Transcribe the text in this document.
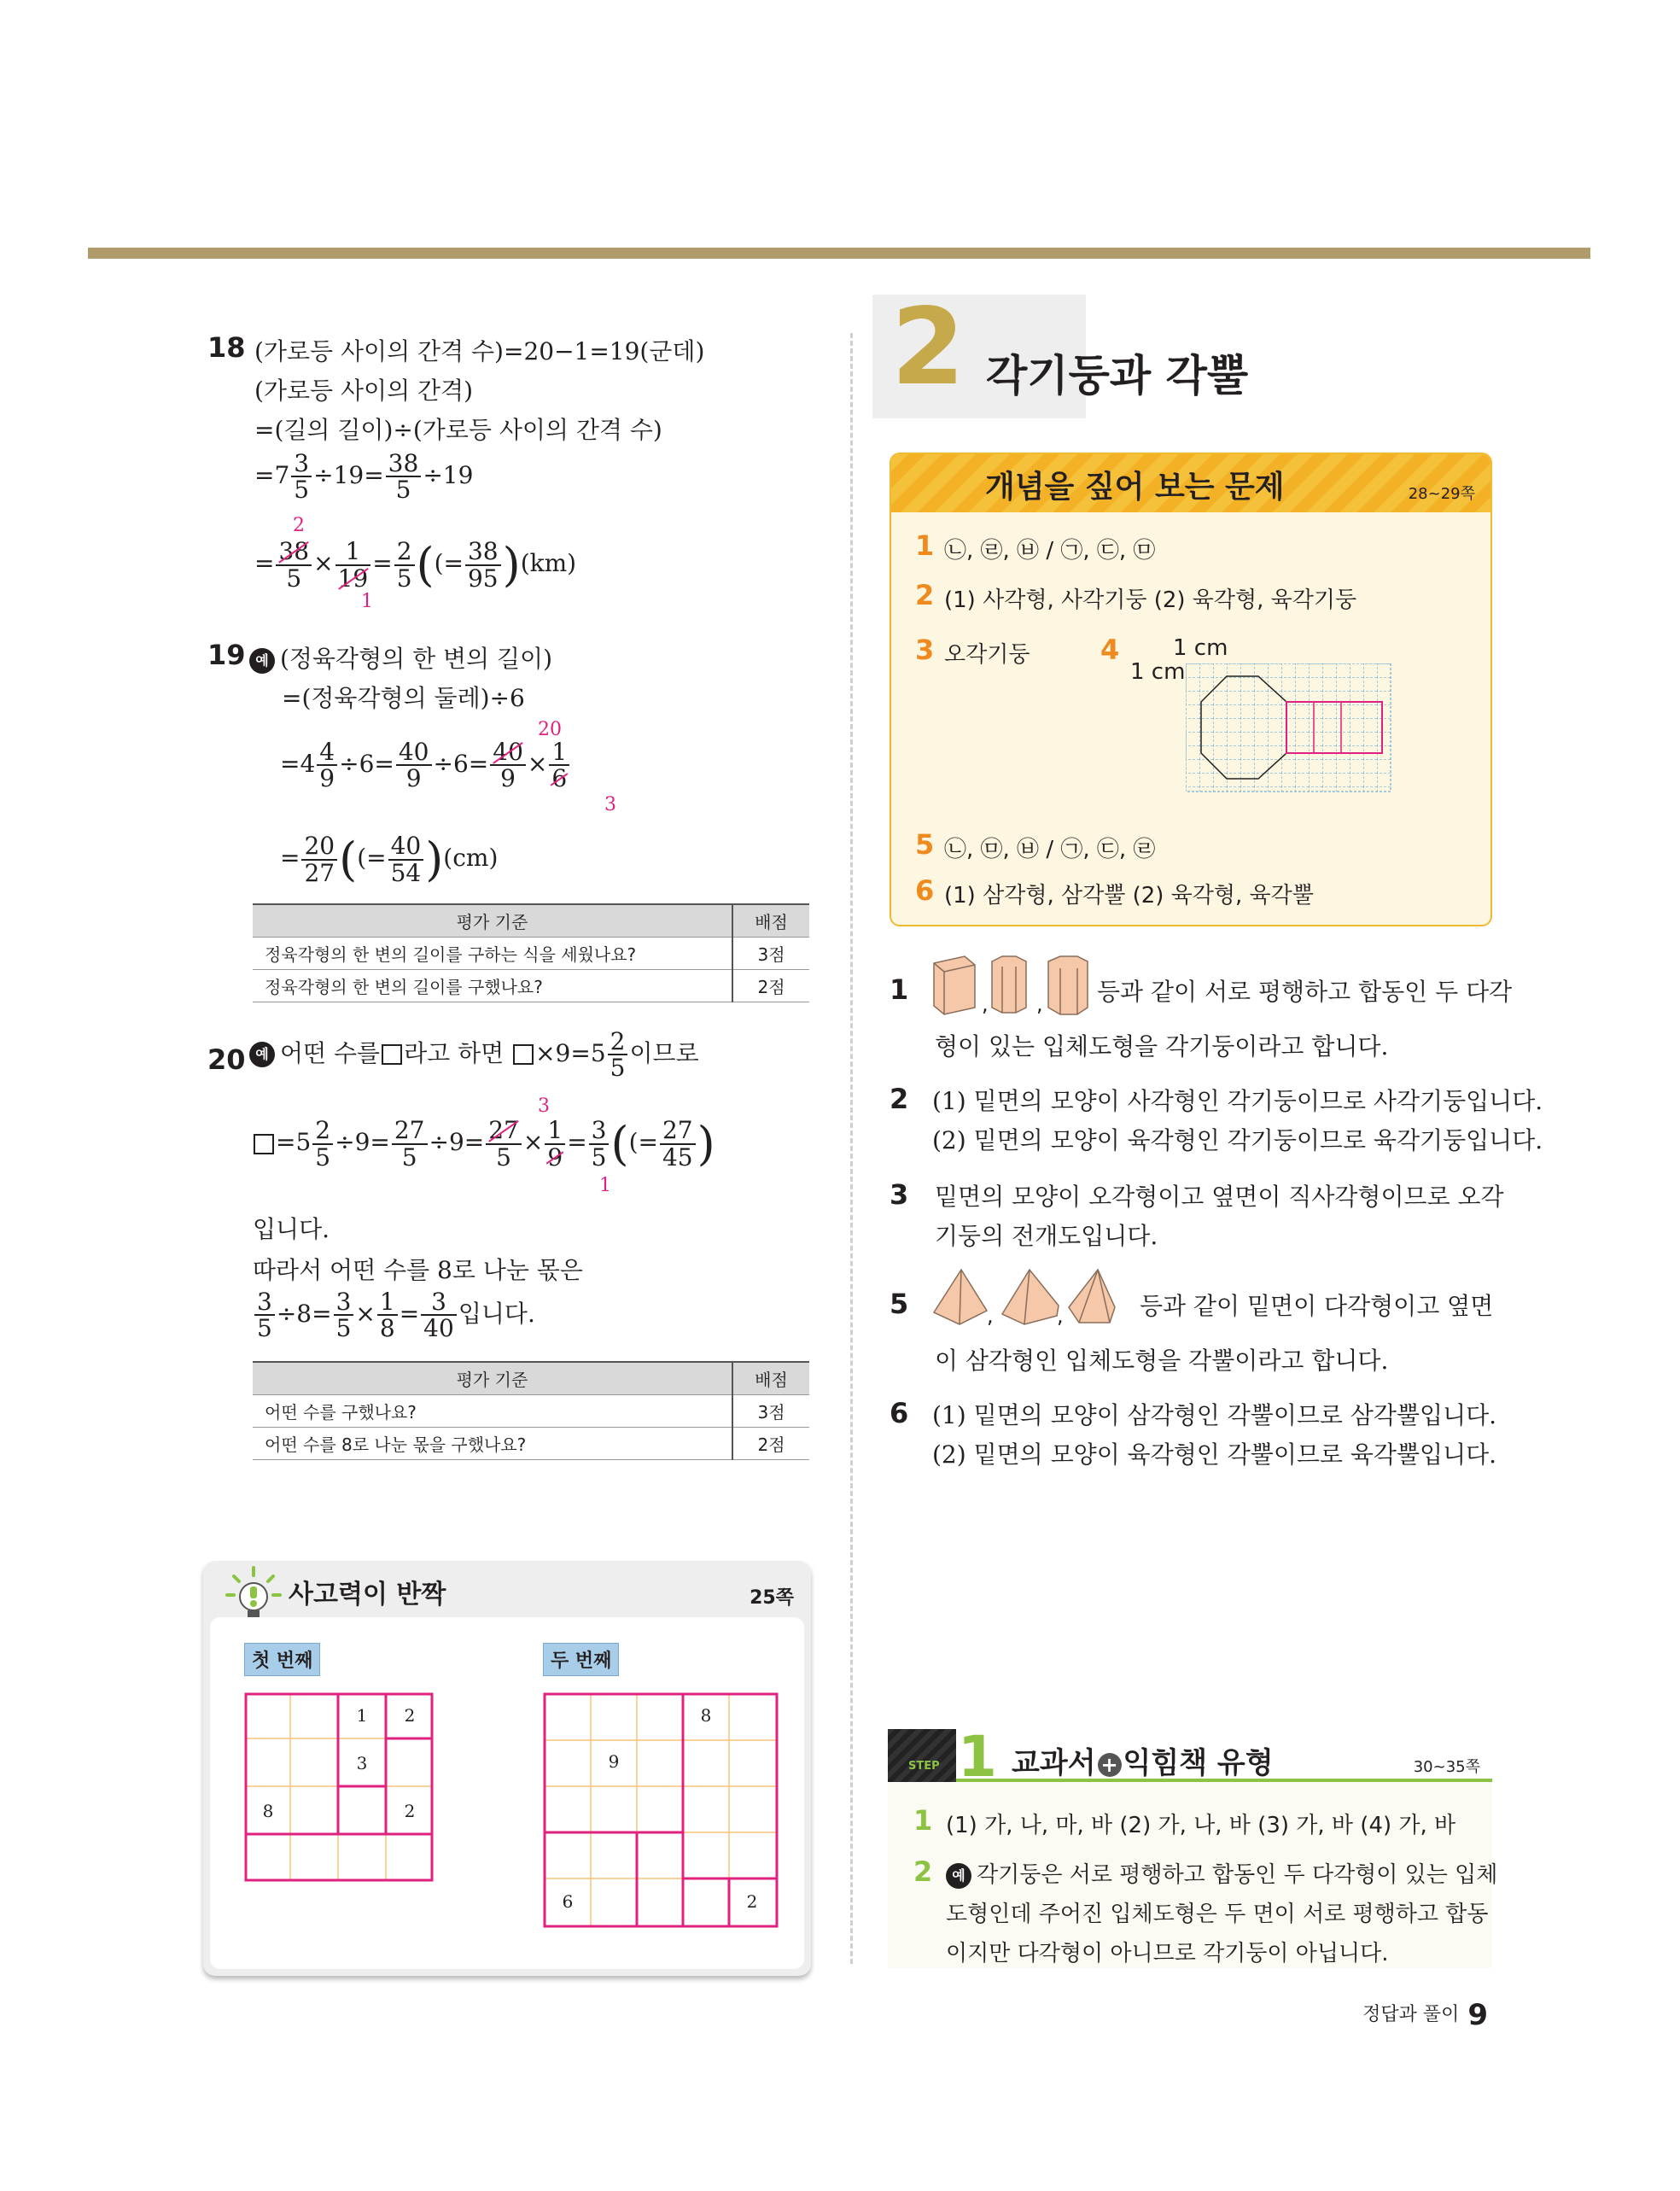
18 (가로등 사이의 간격 수)=20−1=19(군데)
(가로등 사이의 간격)
=(길의 길이)÷(가로등 사이의 간격 수)
$=7 \frac{3}{5} \div 19= \frac{38}{5} \div 19$
2
= $\frac{38}{5} \times \frac{1}{19} = \frac{2}{5}$ ((= $\frac{38}{95} )(km)$
1
19 예 (정육각형의 한 변의 길이)
=(정육각형의 둘레)÷6
20
$=4 \frac{4}{9} \div 6= \frac{40}{9} \div 6= \frac{40}{9} \times \frac{1}{6}$
3
= $\frac{20}{27}$ ((= $\frac{40}{54} )(cm)$
평가 기준	배점
정육각형의 한 변의 길이를 구하는 식을 세웠나요?	3점
정육각형의 한 변의 길이를 구했나요?	2점
20 예 어떤 수를 라고 하면 $\times 9=5 \frac{2}{5}$ 이므로
3
$=5 \frac{2}{5} \div 9= \frac{27}{5} \div 9= \frac{27}{5} \times \frac{1}{9} = \frac{3}{5}$ ((= $\frac{27}{45}$ )
1
입니다.
따라서 어떤 수를 8로 나눈 몫은
$\frac{3}{5} \div 8= \frac{3}{5} \times \frac{1}{8} = \frac{3}{40}$ 입니다.
평가 기준	배점
어떤 수를 구했나요?	3점
어떤 수를 8로 나눈 몫을 구했나요?	2점
사고력이 반짝	25쪽
첫 번째	두 번째
1 2
3
8	2
8
9
6	2
2 각기둥과 각뿔
개념을 짚어 보는 문제	28~29쪽
1 ㉡, ㉣, ㉥ / ㉠, ㉢, ㉤
2 (1) 사각형, 사각기둥 (2) 육각형, 육각기둥
3 오각기둥	4 1 cm
1 cm
5 ㉡, ㉤, ㉥ / ㉠, ㉢, ㉣
6 (1) 삼각형, 삼각뿔 (2) 육각형, 육각뿔
1	, , 등과 같이 서로 평행하고 합동인 두 다각
형이 있는 입체도형을 각기둥이라고 합니다.
2 (1) 밑면의 모양이 사각형인 각기둥이므로 사각기둥입니다.
(2) 밑면의 모양이 육각형인 각기둥이므로 육각기둥입니다.
3 밑면의 모양이 오각형이고 옆면이 직사각형이므로 오각
기둥의 전개도입니다.
5	,	,	등과 같이 밑면이 다각형이고 옆면
이 삼각형인 입체도형을 각뿔이라고 합니다.
6 (1) 밑면의 모양이 삼각형인 각뿔이므로 삼각뿔입니다.
(2) 밑면의 모양이 육각형인 각뿔이므로 육각뿔입니다.
STEP 1 교과서 + 익힘책 유형	30~35쪽
1 (1) 가, 나, 마, 바 (2) 가, 나, 바 (3) 가, 바 (4) 가, 바
2	예 각기둥은 서로 평행하고 합동인 두 다각형이 있는 입체
도형인데 주어진 입체도형은 두 면이 서로 평행하고 합동
이지만 다각형이 아니므로 각기둥이 아닙니다.
정답과 풀이 9
